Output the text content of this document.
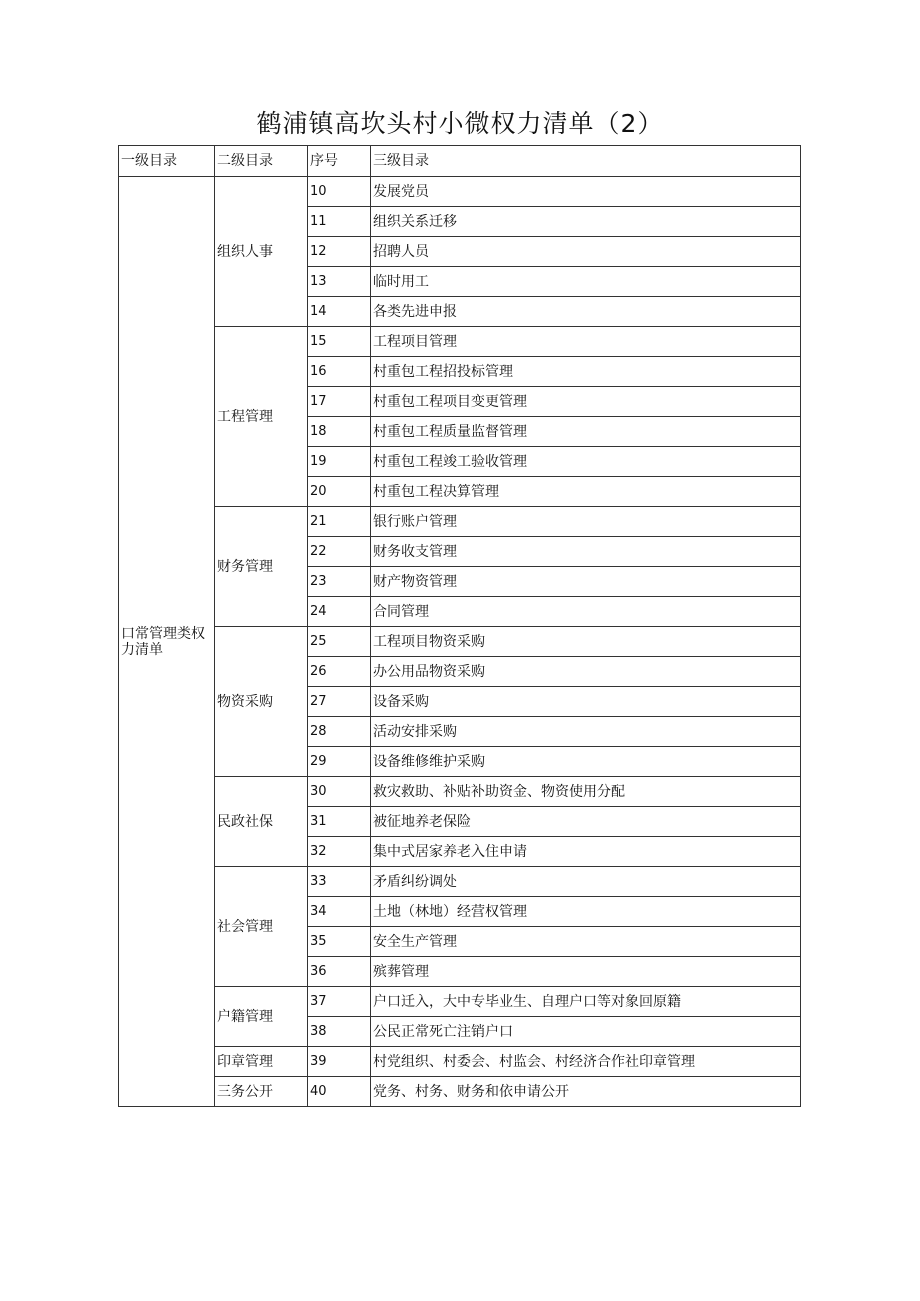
鹤浦镇高坎头村小微权力清单（2）
一级目录	二级目录	序号	三级目录
口常管理类权力清单	组织人事	10	发展党员
		11	组织关系迁移
		12	招聘人员
		13	临时用工
		14	各类先进申报
	工程管理	15	工程项目管理
		16	村重包工程招投标管理
		17	村重包工程项目变更管理
		18	村重包工程质量监督管理
		19	村重包工程竣工验收管理
		20	村重包工程决算管理
	财务管理	21	银行账户管理
		22	财务收支管理
		23	财产物资管理
		24	合同管理
	物资采购	25	工程项目物资采购
		26	办公用品物资采购
		27	设备采购
		28	活动安排采购
		29	设备维修维护采购
	民政社保	30	救灾救助、补贴补助资金、物资使用分配
		31	被征地养老保险
		32	集中式居家养老入住申请
	社会管理	33	矛盾纠纷调处
		34	土地（林地）经营权管理
		35	安全生产管理
		36	殡葬管理
	户籍管理	37	户口迁入，大中专毕业生、自理户口等对象回原籍
		38	公民正常死亡注销户口
	印章管理	39	村党组织、村委会、村监会、村经济合作社印章管理
	三务公开	40	党务、村务、财务和依申请公开
